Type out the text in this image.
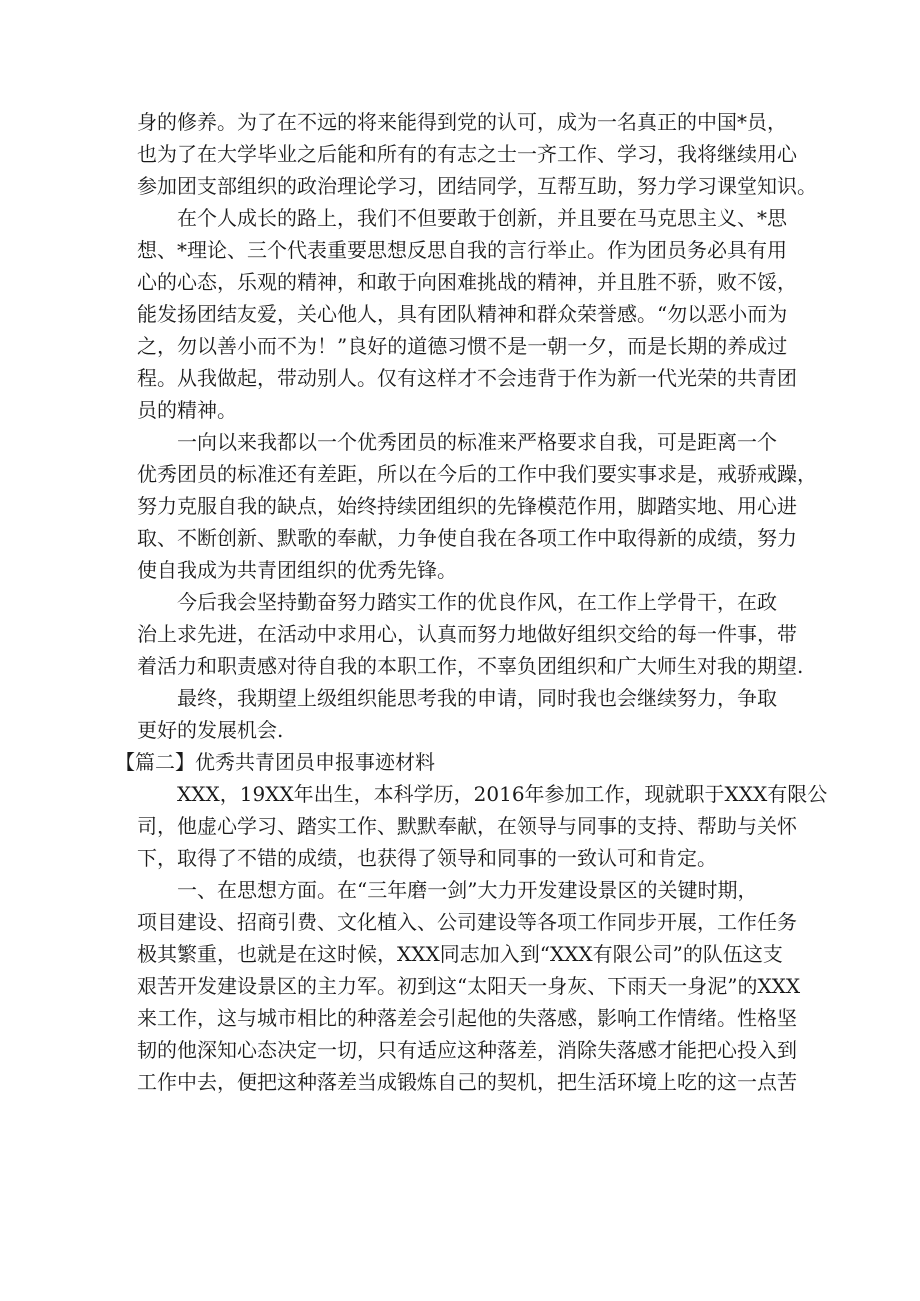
身的修养。为了在不远的将来能得到党的认可，成为一名真正的中国*员，
也为了在大学毕业之后能和所有的有志之士一齐工作、学习，我将继续用心
参加团支部组织的政治理论学习，团结同学，互帮互助，努力学习课堂知识。
在个人成长的路上，我们不但要敢于创新，并且要在马克思主义、*思
想、*理论、三个代表重要思想反思自我的言行举止。作为团员务必具有用
心的心态，乐观的精神，和敢于向困难挑战的精神，并且胜不骄，败不馁，
能发扬团结友爱，关心他人，具有团队精神和群众荣誉感。“勿以恶小而为
之，勿以善小而不为！”良好的道德习惯不是一朝一夕，而是长期的养成过
程。从我做起，带动别人。仅有这样才不会违背于作为新一代光荣的共青团
员的精神。
一向以来我都以一个优秀团员的标准来严格要求自我，可是距离一个
优秀团员的标准还有差距，所以在今后的工作中我们要实事求是，戒骄戒躁，
努力克服自我的缺点，始终持续团组织的先锋模范作用，脚踏实地、用心进
取、不断创新、默歌的奉献，力争使自我在各项工作中取得新的成绩，努力
使自我成为共青团组织的优秀先锋。
今后我会坚持勤奋努力踏实工作的优良作风，在工作上学骨干，在政
治上求先进，在活动中求用心，认真而努力地做好组织交给的每一件事，带
着活力和职责感对待自我的本职工作，不辜负团组织和广大师生对我的期望.
最终，我期望上级组织能思考我的申请，同时我也会继续努力，争取
更好的发展机会.
【篇二】优秀共青团员申报事迹材料
XXX，19XX年出生，本科学历，2016年参加工作，现就职于XXX有限公
司，他虚心学习、踏实工作、默默奉献，在领导与同事的支持、帮助与关怀
下，取得了不错的成绩，也获得了领导和同事的一致认可和肯定。
一、在思想方面。在“三年磨一剑”大力开发建设景区的关键时期，
项目建设、招商引费、文化植入、公司建设等各项工作同步开展，工作任务
极其繁重，也就是在这时候，XXX同志加入到“XXX有限公司”的队伍这支
艰苦开发建设景区的主力军。初到这“太阳天一身灰、下雨天一身泥”的XXX
来工作，这与城市相比的种落差会引起他的失落感，影响工作情绪。性格坚
韧的他深知心态决定一切，只有适应这种落差，消除失落感才能把心投入到
工作中去，便把这种落差当成锻炼自己的契机，把生活环境上吃的这一点苦
